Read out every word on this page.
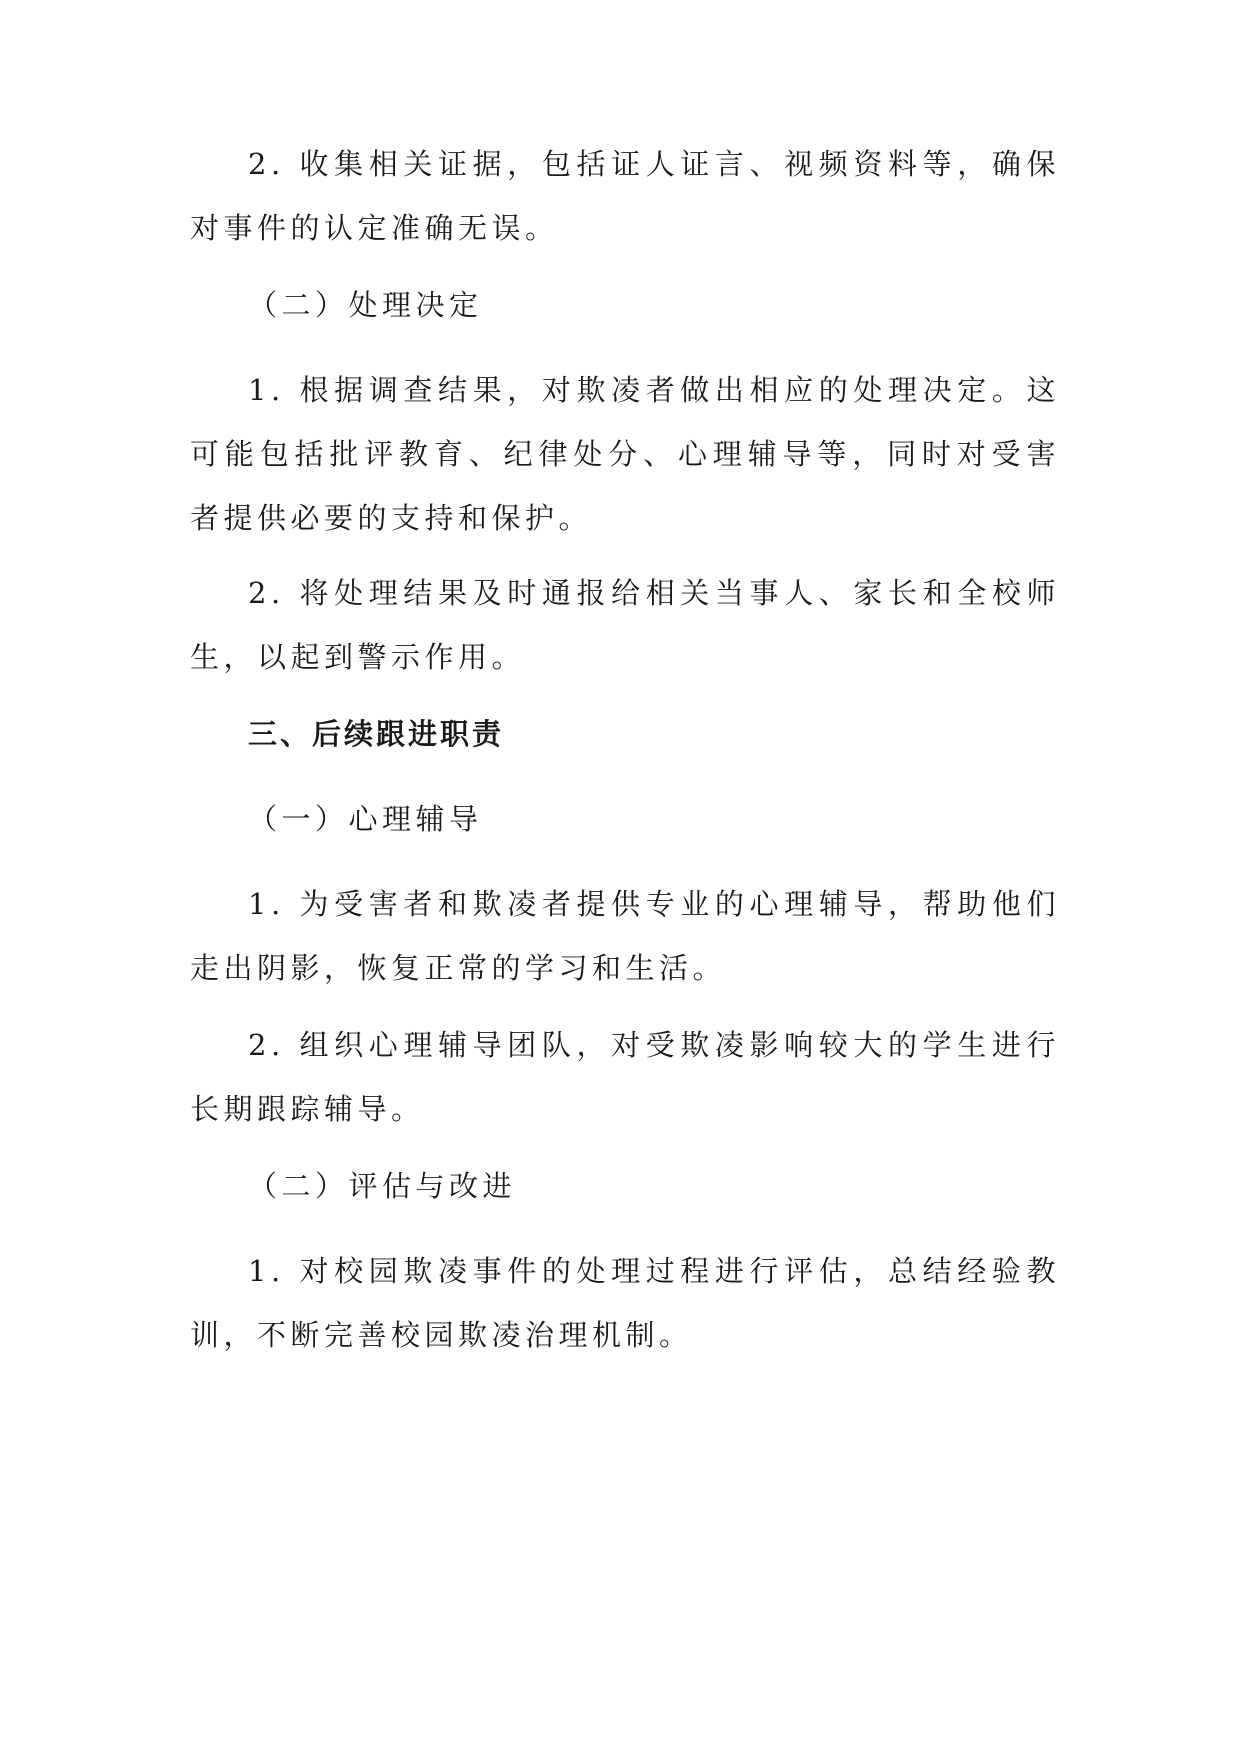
2. 收集相关证据，包括证人证言、视频资料等，确保对事件的认定准确无误。

（二）处理决定

1. 根据调查结果，对欺凌者做出相应的处理决定。这可能包括批评教育、纪律处分、心理辅导等，同时对受害者提供必要的支持和保护。

2. 将处理结果及时通报给相关当事人、家长和全校师生，以起到警示作用。

三、后续跟进职责

（一）心理辅导

1. 为受害者和欺凌者提供专业的心理辅导，帮助他们走出阴影，恢复正常的学习和生活。

2. 组织心理辅导团队，对受欺凌影响较大的学生进行长期跟踪辅导。

（二）评估与改进

1. 对校园欺凌事件的处理过程进行评估，总结经验教训，不断完善校园欺凌治理机制。
